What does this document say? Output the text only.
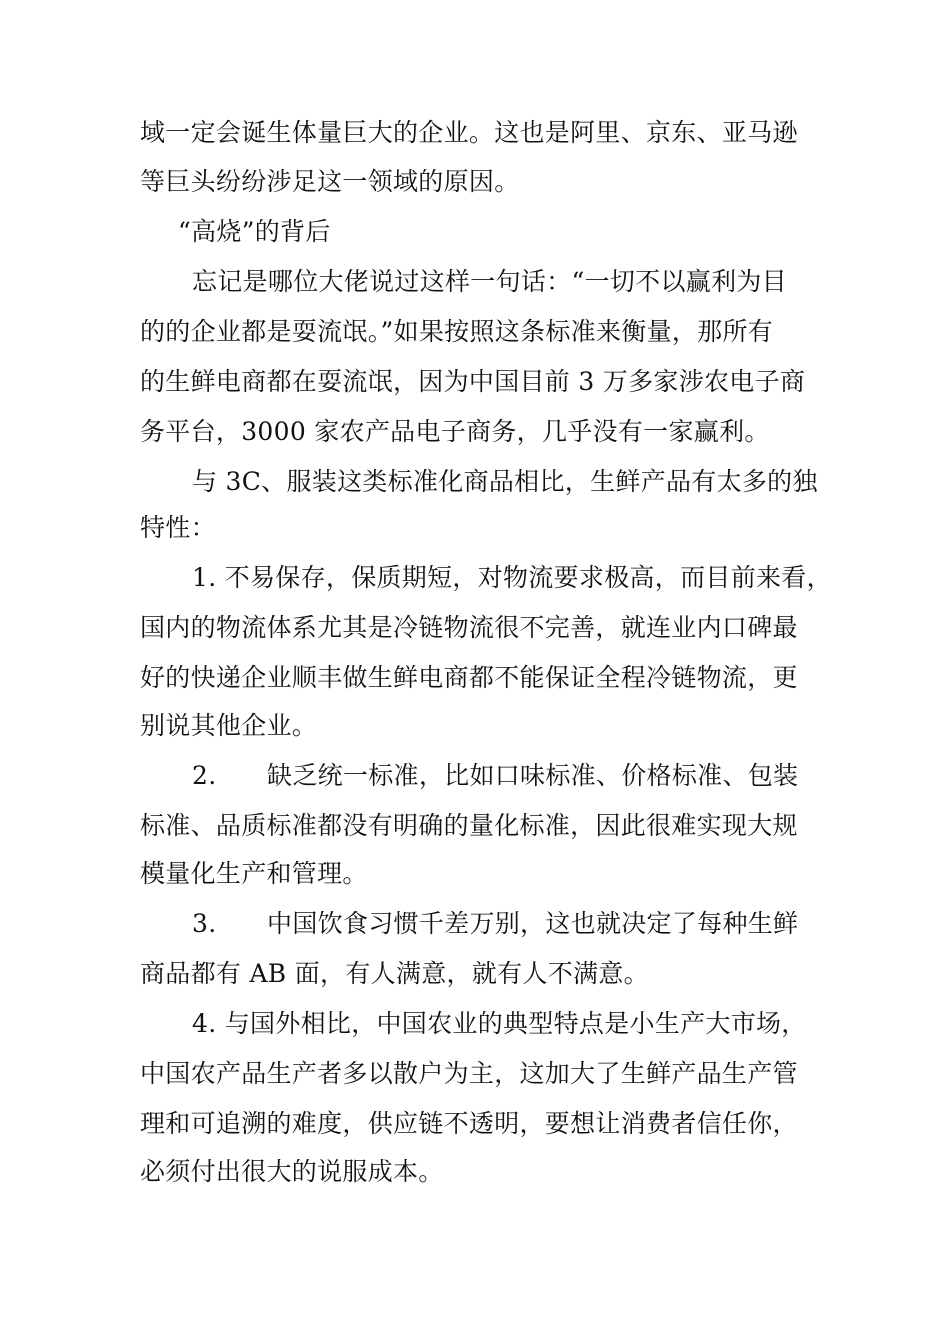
域一定会诞生体量巨大的企业。这也是阿里、京东、亚马逊
等巨头纷纷涉足这一领域的原因。
“高烧”的背后
忘记是哪位大佬说过这样一句话：“一切不以赢利为目
的的企业都是耍流氓。”如果按照这条标准来衡量，那所有
的生鲜电商都在耍流氓，因为中国目前 3 万多家涉农电子商
务平台，3000 家农产品电子商务，几乎没有一家赢利。
与 3C、服装这类标准化商品相比，生鲜产品有太多的独
特性：
1. 不易保存，保质期短，对物流要求极高，而目前来看，
国内的物流体系尤其是冷链物流很不完善，就连业内口碑最
好的快递企业顺丰做生鲜电商都不能保证全程冷链物流，更
别说其他企业。
2.　　缺乏统一标准，比如口味标准、价格标准、包装
标准、品质标准都没有明确的量化标准，因此很难实现大规
模量化生产和管理。
3.　　中国饮食习惯千差万别，这也就决定了每种生鲜
商品都有 AB 面，有人满意，就有人不满意。
4. 与国外相比，中国农业的典型特点是小生产大市场，
中国农产品生产者多以散户为主，这加大了生鲜产品生产管
理和可追溯的难度，供应链不透明，要想让消费者信任你，
必须付出很大的说服成本。
